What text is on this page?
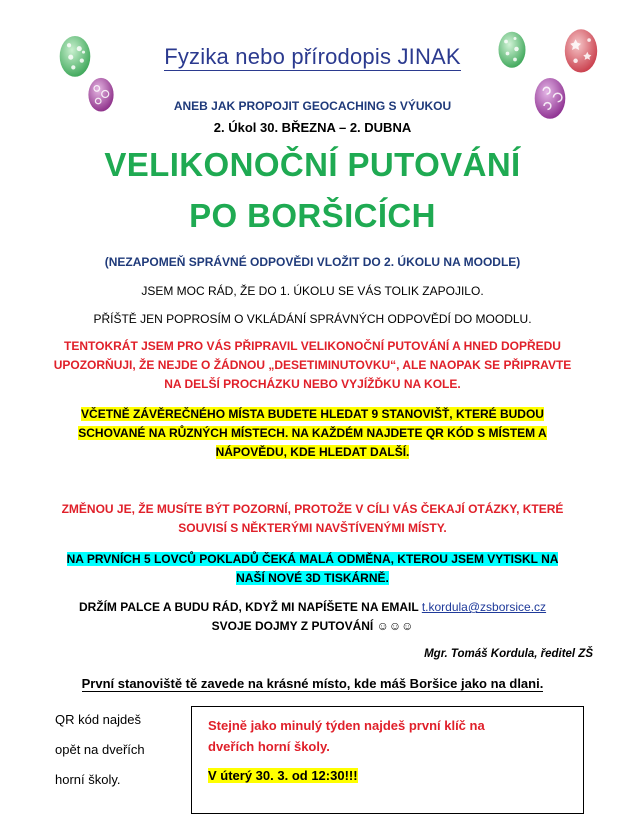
Fyzika nebo přírodopis JINAK
ANEB JAK PROPOJIT GEOCACHING S VÝUKOU
2. Úkol 30. BŘEZNA – 2. DUBNA
VELIKONOČNÍ PUTOVÁNÍ
PO BORŠICÍCH
(NEZAPOMEŇ SPRÁVNÉ ODPOVĚDI VLOŽIT DO 2. ÚKOLU NA MOODLE)
JSEM MOC RÁD, ŽE DO 1. ÚKOLU SE VÁS TOLIK ZAPOJILO.
PŘÍŠTĚ JEN POPROSÍM O VKLÁDÁNÍ SPRÁVNÝCH ODPOVĚDÍ DO MOODLU.
TENTOKRÁT JSEM PRO VÁS PŘIPRAVIL VELIKONOČNÍ PUTOVÁNÍ A HNED DOPŘEDU
UPOZORŇUJI, ŽE NEJDE O ŽÁDNOU „DESETIMINUTOVKU“, ALE NAOPAK SE PŘIPRAVTE
NA DELŠÍ PROCHÁZKU NEBO VYJÍŽĎKU NA KOLE.
VČETNĚ ZÁVĚREČNÉHO MÍSTA BUDETE HLEDAT 9 STANOVIŠŤ, KTERÉ BUDOU
SCHOVANÉ NA RŮZNÝCH MÍSTECH. NA KAŽDÉM NAJDETE QR KÓD S MÍSTEM A
NÁPOVĚDU, KDE HLEDAT DALŠÍ.
ZMĚNOU JE, ŽE MUSÍTE BÝT POZORNÍ, PROTOŽE V CÍLI VÁS ČEKAJÍ OTÁZKY, KTERÉ
SOUVISÍ S NĚKTERÝMI NAVŠTÍVENÝMI MÍSTY.
NA PRVNÍCH 5 LOVCŮ POKLADŮ ČEKÁ MALÁ ODMĚNA, KTEROU JSEM VYTISKL NA
NAŠÍ NOVÉ 3D TISKÁRNĚ.
DRŽÍM PALCE A BUDU RÁD, KDYŽ MI NAPÍŠETE NA EMAIL t.kordula@zsborsice.cz
SVOJE DOJMY Z PUTOVÁNÍ ☺☺☺
Mgr. Tomáš Kordula, ředitel ZŠ
První stanoviště tě zavede na krásné místo, kde máš Boršice jako na dlani.
QR kód najdeš
opět na dveřích
horní školy.
Stejně jako minulý týden najdeš první klíč na
dveřích horní školy.
V úterý 30. 3. od 12:30!!!
